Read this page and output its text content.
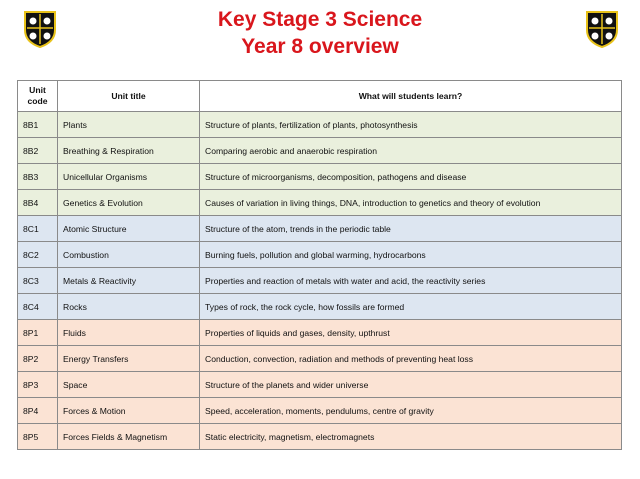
Key Stage 3 Science
Year 8 overview
Unit code	Unit title	What will students learn?
8B1	Plants	Structure of plants, fertilization of plants, photosynthesis
8B2	Breathing & Respiration	Comparing aerobic and anaerobic respiration
8B3	Unicellular Organisms	Structure of microorganisms, decomposition, pathogens and disease
8B4	Genetics & Evolution	Causes of variation in living things, DNA, introduction to genetics and theory of evolution
8C1	Atomic Structure	Structure of the atom, trends in the periodic table
8C2	Combustion	Burning fuels, pollution and global warming, hydrocarbons
8C3	Metals & Reactivity	Properties and reaction of metals with water and acid, the reactivity series
8C4	Rocks	Types of rock, the rock cycle, how fossils are formed
8P1	Fluids	Properties of liquids and gases, density, upthrust
8P2	Energy Transfers	Conduction, convection, radiation and methods of preventing heat loss
8P3	Space	Structure of the planets and wider universe
8P4	Forces & Motion	Speed, acceleration, moments, pendulums, centre of gravity
8P5	Forces Fields & Magnetism	Static electricity, magnetism, electromagnets
